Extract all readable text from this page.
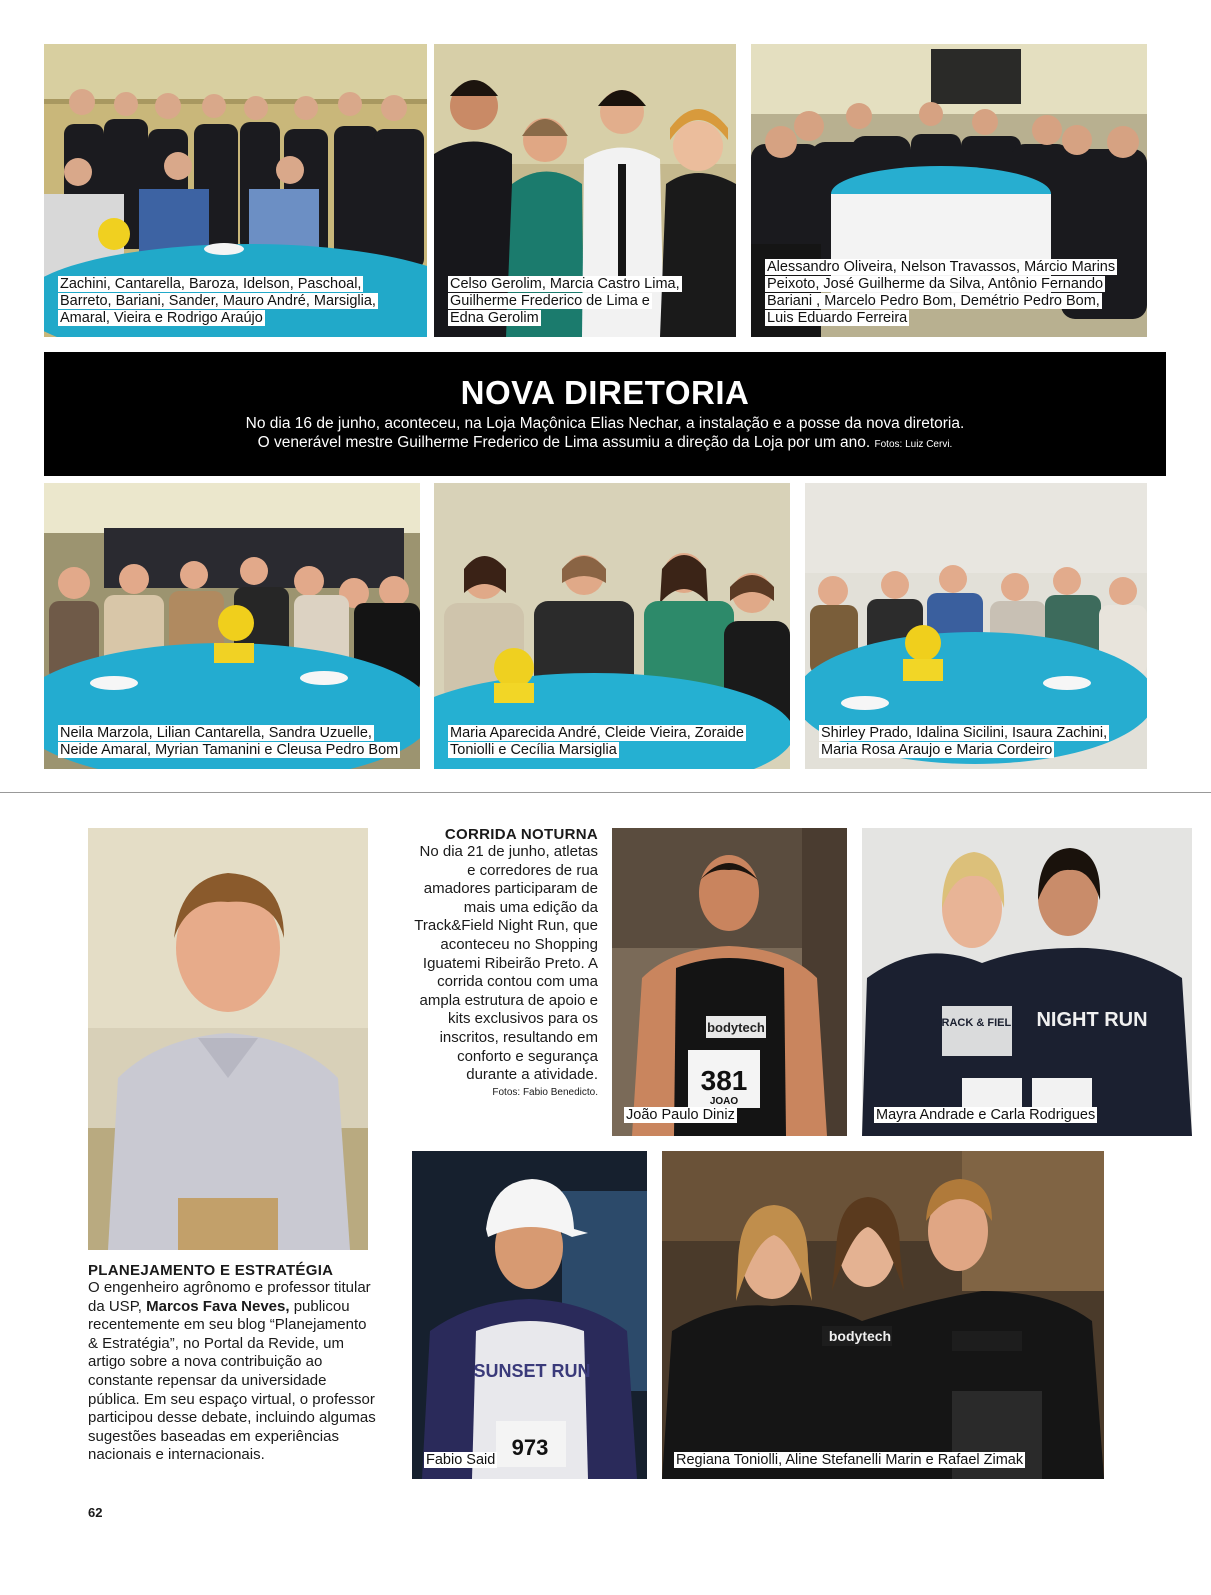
Zachini, Cantarella, Baroza, Idelson, Paschoal, Barreto, Bariani, Sander, Mauro André, Marsiglia, Amaral, Vieira e Rodrigo Araújo
Celso Gerolim, Marcia Castro Lima, Guilherme Frederico de Lima e Edna Gerolim
Alessandro Oliveira, Nelson Travassos, Márcio Marins Peixoto, José Guilherme da Silva, Antônio Fernando Bariani , Marcelo Pedro Bom, Demétrio Pedro Bom, Luis Eduardo Ferreira
NOVA DIRETORIA

No dia 16 de junho, aconteceu, na Loja Maçônica Elias Nechar, a instalação e a posse da nova diretoria.

O venerável mestre Guilherme Frederico de Lima assumiu a direção da Loja por um ano. Fotos: Luiz Cervi.

Neila Marzola, Lilian Cantarella, Sandra Uzuelle, Neide Amaral, Myrian Tamanini e Cleusa Pedro Bom
Maria Aparecida André, Cleide Vieira, Zoraide Toniolli e Cecília Marsiglia
Shirley Prado, Idalina Sicilini, Isaura Zachini, Maria Rosa Araujo e Maria Cordeiro
PLANEJAMENTO E ESTRATÉGIA
O engenheiro agrônomo e professor titular da USP, Marcos Fava Neves, publicou recentemente em seu blog “Planejamento & Estratégia”, no Portal da Revide, um artigo sobre a nova contribuição ao constante repensar da universidade pública. Em seu espaço virtual, o professor participou desse debate, incluindo algumas sugestões baseadas em experiências nacionais e internacionais.
CORRIDA NOTURNA
No dia 21 de junho, atletas e corredores de rua amadores participaram de mais uma edição da Track&Field Night Run, que aconteceu no Shopping Iguatemi Ribeirão Preto. A corrida contou com uma ampla estrutura de apoio e kits exclusivos para os inscritos, resultando em conforto e segurança durante a atividade.
Fotos: Fabio Benedicto.
bodytech
381
JOAO
João Paulo Diniz
TRACK & FIELD NIGHT RUN
Mayra Andrade e Carla Rodrigues
SUNSET RUN
973
Fabio Said
bodytech
Regiana Toniolli, Aline Stefanelli Marin e Rafael Zimak
62
